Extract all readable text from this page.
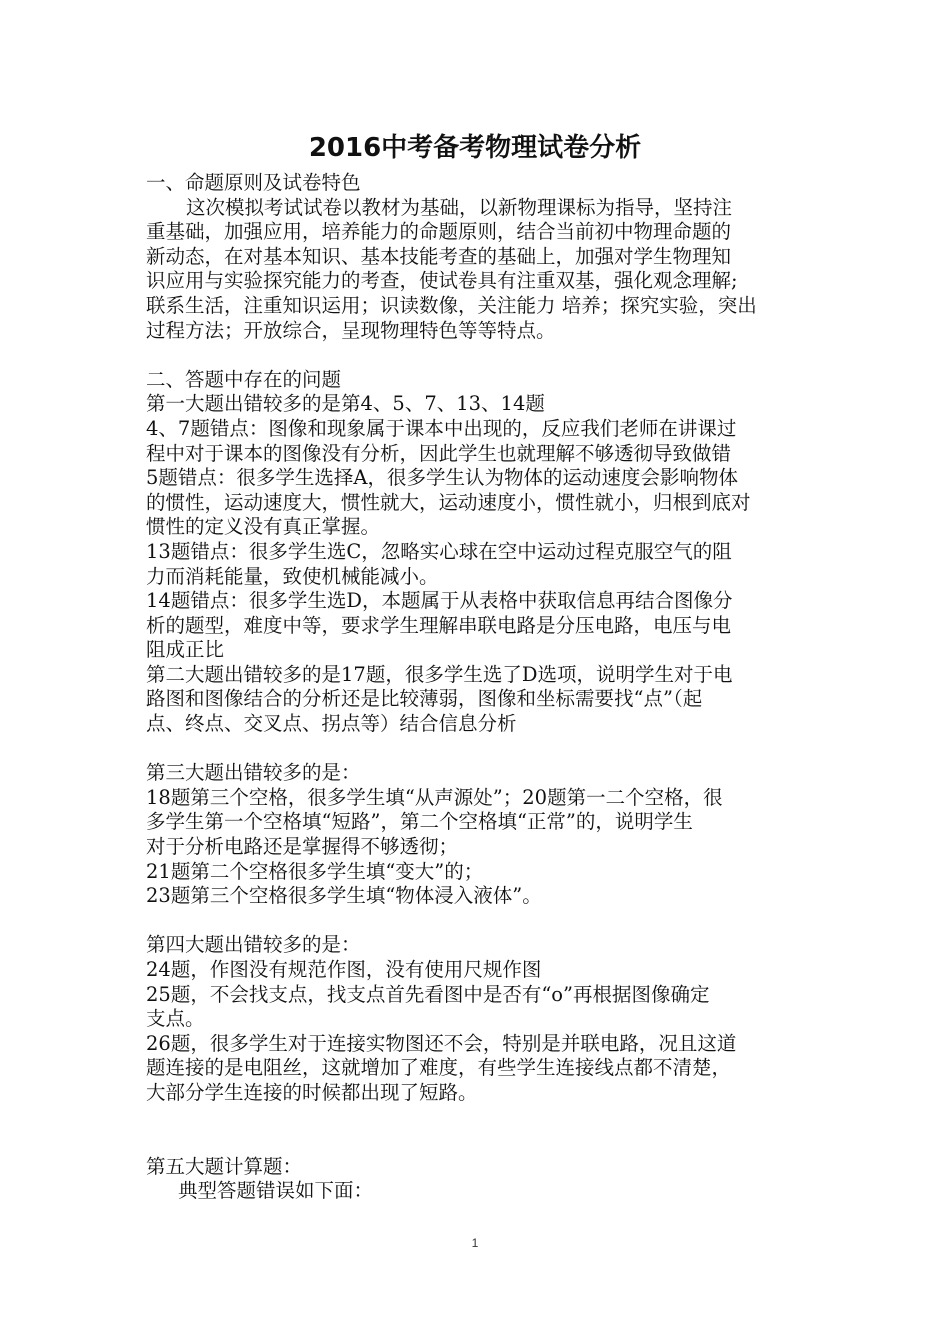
2016中考备考物理试卷分析
一、命题原则及试卷特色
这次模拟考试试卷以教材为基础，以新物理课标为指导，坚持注
重基础，加强应用，培养能力的命题原则，结合当前初中物理命题的
新动态，在对基本知识、基本技能考查的基础上，加强对学生物理知
识应用与实验探究能力的考查，使试卷具有注重双基，强化观念理解;
联系生活，注重知识运用；识读数像，关注能力 培养；探究实验，突出
过程方法；开放综合，呈现物理特色等等特点。
二、答题中存在的问题
第一大题出错较多的是第4、5、7、13、14题
4、7题错点：图像和现象属于课本中出现的，反应我们老师在讲课过
程中对于课本的图像没有分析，因此学生也就理解不够透彻导致做错
5题错点：很多学生选择A，很多学生认为物体的运动速度会影响物体
的惯性，运动速度大，惯性就大，运动速度小，惯性就小，归根到底对
惯性的定义没有真正掌握。
13题错点：很多学生选C，忽略实心球在空中运动过程克服空气的阻
力而消耗能量，致使机械能减小。
14题错点：很多学生选D，本题属于从表格中获取信息再结合图像分
析的题型，难度中等，要求学生理解串联电路是分压电路，电压与电
阻成正比
第二大题出错较多的是17题，很多学生选了D选项，说明学生对于电
路图和图像结合的分析还是比较薄弱，图像和坐标需要找“点”（起
点、终点、交叉点、拐点等）结合信息分析
第三大题出错较多的是：
18题第三个空格，很多学生填“从声源处”；20题第一二个空格，很
多学生第一个空格填“短路”，第二个空格填“正常”的，说明学生
对于分析电路还是掌握得不够透彻；
21题第二个空格很多学生填“变大”的；
23题第三个空格很多学生填“物体浸入液体”。
第四大题出错较多的是：
24题，作图没有规范作图，没有使用尺规作图
25题，不会找支点，找支点首先看图中是否有“o”再根据图像确定
支点。
26题，很多学生对于连接实物图还不会，特别是并联电路，况且这道
题连接的是电阻丝，这就增加了难度，有些学生连接线点都不清楚，
大部分学生连接的时候都出现了短路。
第五大题计算题：
典型答题错误如下面：
1
